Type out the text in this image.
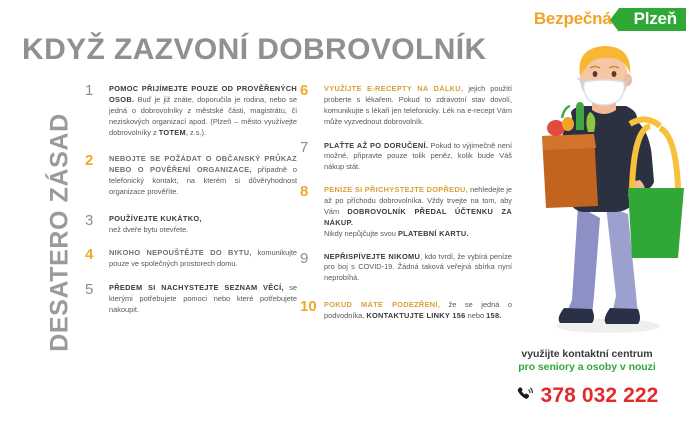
Bezpečná	Plzeň
KDYŽ ZAZVONÍ DOBROVOLNÍK
DESATERO ZÁSAD
1	POMOC PŘIJÍMEJTE POUZE OD PROVĚŘENÝCH OSOB. Buď je již znáte, doporučila je rodina, nebo se jedná o dobrovolníky z městské části, magistrátu, či neziskových organizací apod. (Plzeň – město využívejte dobrovolníky z TOTEM, z.s.).
2	NEBOJTE SE POŽÁDAT O OBČANSKÝ PRŮKAZ NEBO O POVĚŘENÍ ORGANIZACE, případně o telefonický kontakt, na kterém si důvěryhodnost organizace prověříte.
3	POUŽÍVEJTE KUKÁTKO,
než dveře bytu otevřete.
4	NIKOHO NEPOUŠTĚJTE DO BYTU, komunikujte pouze ve společných prostorech domu.
5	PŘEDEM SI NACHYSTEJTE SEZNAM VĚCÍ, se kterými potřebujete pomoci nebo které potřebujete nakoupit.
6	VYUŽÍJTE E-RECEPTY NA DÁLKU, jejich použití proberte s lékařem. Pokud to zdravotní stav dovolí, komunikujte s lékaři jen telefonicky. Lék na e-recept Vám může vyzvednout dobrovolník.
7	PLAŤTE AŽ PO DORUČENÍ. Pokud to výjimečně není možné, připravte pouze tolik peněz, kolik bude Váš nákup stát.
8	PENÍZE SI PŘICHYSTEJTE DOPŘEDU, nehledejte je až po příchodu dobrovolníka. Vždy trvejte na tom, aby Vám DOBROVOLNÍK PŘEDAL ÚČTENKU ZA NÁKUP.
Nikdy nepůjčujte svou PLATEBNÍ KARTU.
9	NEPŘISPÍVEJTE NIKOMU, kdo tvrdí, že vybírá peníze pro boj s COVID-19. Žádná taková veřejná sbírka nyní neprobíhá.
10 POKUD MÁTE PODEZŘENÍ, že se jedná o podvodníka, KONTAKTUJTE LINKY 156 nebo 158.
využijte kontaktní centrum
pro seniory a osoby v nouzi
378 032 222
